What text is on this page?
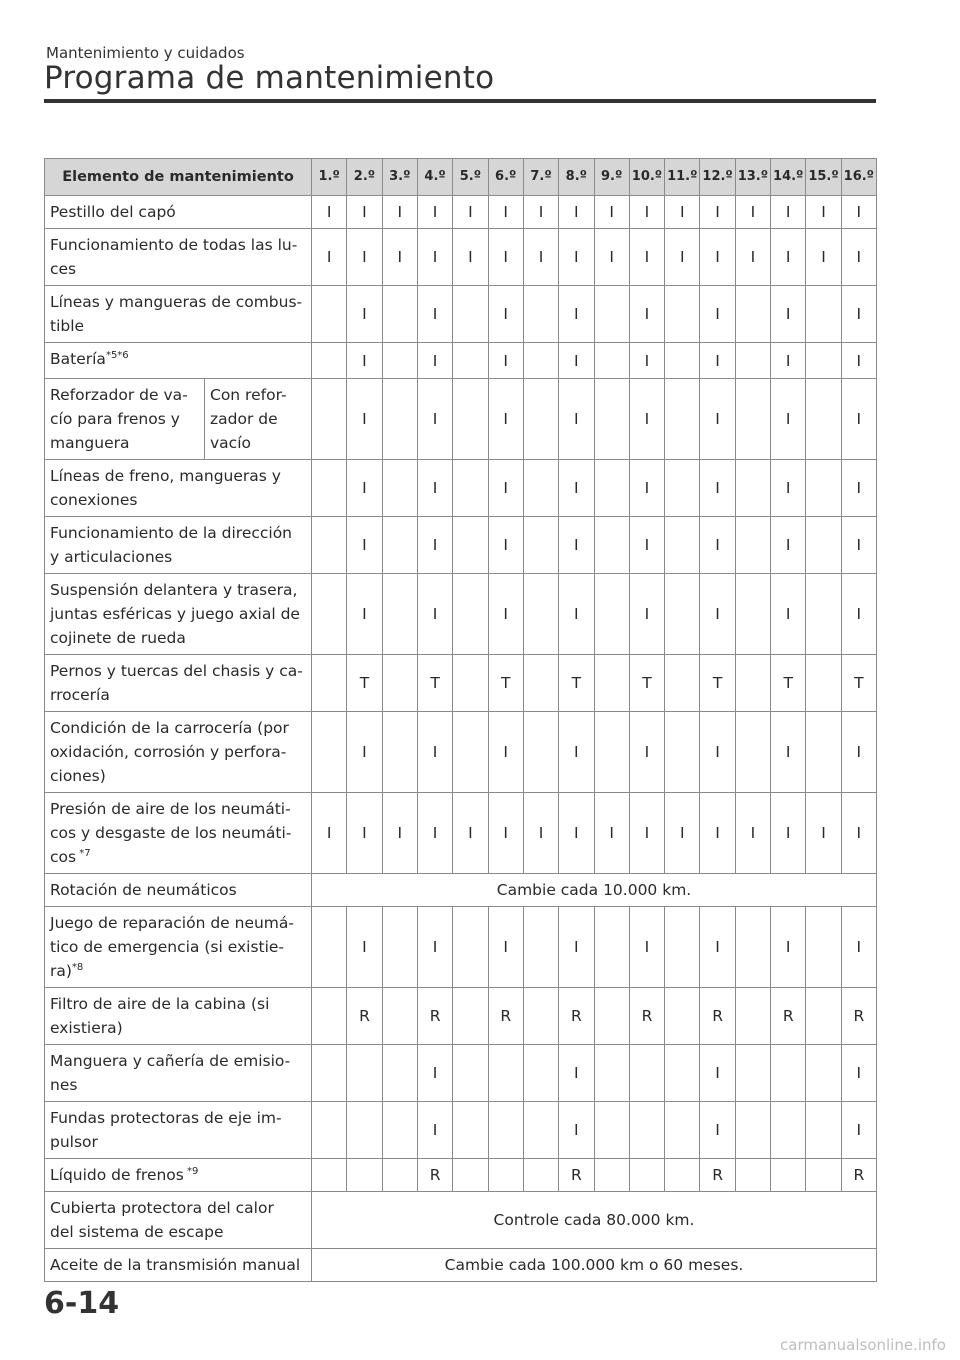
Mantenimiento y cuidados
Programa de mantenimiento
Elemento de mantenimiento		1.º	2.º	3.º	4.º	5.º	6.º	7.º	8.º	9.º	10.º	11.º	12.º	13.º	14.º	15.º	16.º
Pestillo del capó		I	I	I	I	I	I	I	I	I	I	I	I	I	I	I	I
Funcionamiento de todas las lu-
ces		I	I	I	I	I	I	I	I	I	I	I	I	I	I	I	I
Líneas y mangueras de combus-
tible			I		I		I		I		I		I		I		I
Batería$^{*5*6}$			I		I		I		I		I		I		I		I
Reforzador de va-
cío para frenos y
manguera	Con refor-
zador de
vacío		I		I		I		I		I		I		I		I
Líneas de freno, mangueras y
conexiones			I		I		I		I		I		I		I		I
Funcionamiento de la dirección
y articulaciones			I		I		I		I		I		I		I		I
Suspensión delantera y trasera,
juntas esféricas y juego axial de
cojinete de rueda			I		I		I		I		I		I		I		I
Pernos y tuercas del chasis y ca-
rrocería			T		T		T		T		T		T		T		T
Condición de la carrocería (por
oxidación, corrosión y perfora-
ciones)			I		I		I		I		I		I		I		I
Presión de aire de los neumáti-
cos y desgaste de los neumáti-
cos $^{*7}$		I	I	I	I	I	I	I	I	I	I	I	I	I	I	I	I
Rotación de neumáticos		Cambie cada 10.000 km.															
Juego de reparación de neumá-
tico de emergencia (si existie-
ra)$^{*8}$			I		I		I		I		I		I		I		I
Filtro de aire de la cabina (si
existiera)			R		R		R		R		R		R		R		R
Manguera y cañería de emisio-
nes					I				I				I				I
Fundas protectoras de eje im-
pulsor					I				I				I				I
Líquido de frenos $^{*9}$					R				R				R				R
Cubierta protectora del calor
del sistema de escape		Controle cada 80.000 km.															
Aceite de la transmisión manual		Cambie cada 100.000 km o 60 meses.															
6-14
carmanualsonline.info
